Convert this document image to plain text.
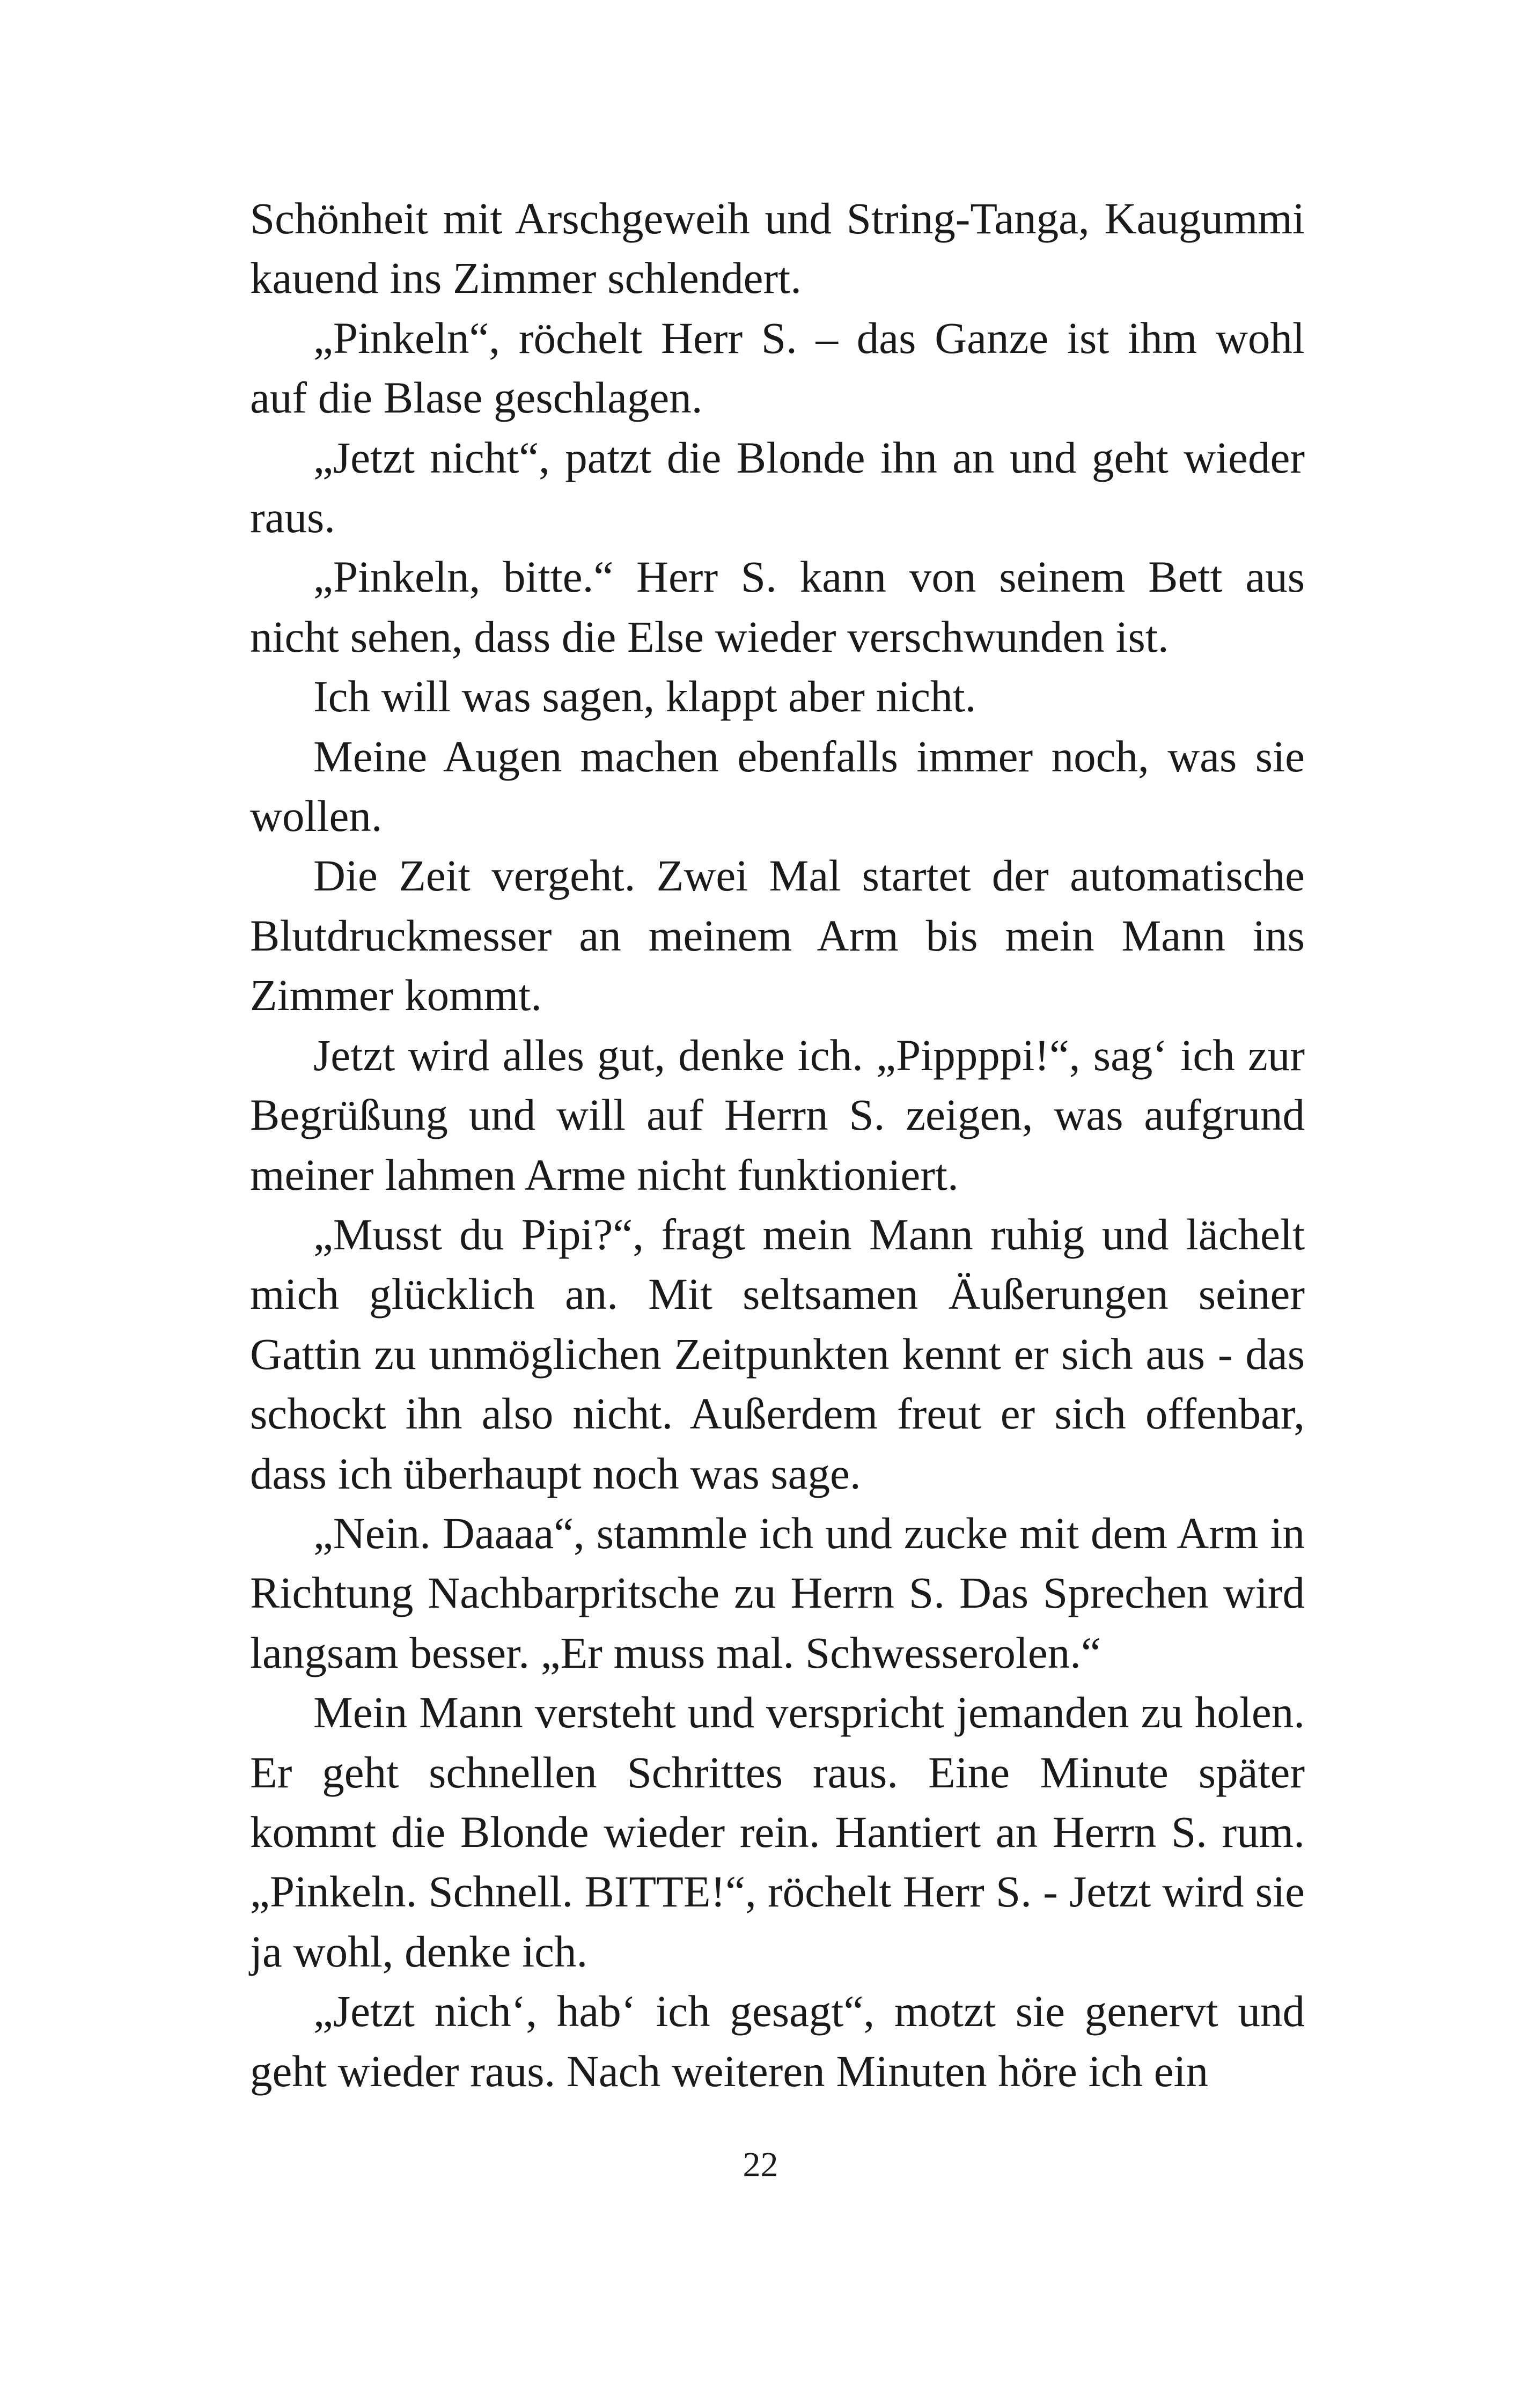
Schönheit mit Arschgeweih und String-Tanga, Kaugummi kauend ins Zimmer schlendert.

„Pinkeln“, röchelt Herr S. – das Ganze ist ihm wohl auf die Blase geschlagen.

„Jetzt nicht“, patzt die Blonde ihn an und geht wieder raus.

„Pinkeln, bitte.“ Herr S. kann von seinem Bett aus nicht sehen, dass die Else wieder verschwunden ist.

Ich will was sagen, klappt aber nicht.

Meine Augen machen ebenfalls immer noch, was sie wollen.

Die Zeit vergeht. Zwei Mal startet der automatische Blutdruckmesser an meinem Arm bis mein Mann ins Zimmer kommt.

Jetzt wird alles gut, denke ich. „Pippppi!“, sag‘ ich zur Begrüßung und will auf Herrn S. zeigen, was aufgrund meiner lahmen Arme nicht funktioniert.

„Musst du Pipi?“, fragt mein Mann ruhig und lächelt mich glücklich an. Mit seltsamen Äußerungen seiner Gattin zu unmöglichen Zeitpunkten kennt er sich aus - das schockt ihn also nicht. Außerdem freut er sich offenbar, dass ich überhaupt noch was sage.

„Nein. Daaaa“, stammle ich und zucke mit dem Arm in Richtung Nachbarpritsche zu Herrn S. Das Sprechen wird langsam besser. „Er muss mal. Schwesserolen.“

Mein Mann versteht und verspricht jemanden zu holen. Er geht schnellen Schrittes raus. Eine Minute später kommt die Blonde wieder rein. Hantiert an Herrn S. rum. „Pinkeln. Schnell. BITTE!“, röchelt Herr S. - Jetzt wird sie ja wohl, denke ich.

„Jetzt nich‘, hab‘ ich gesagt“, motzt sie genervt und geht wieder raus. Nach weiteren Minuten höre ich ein

22
